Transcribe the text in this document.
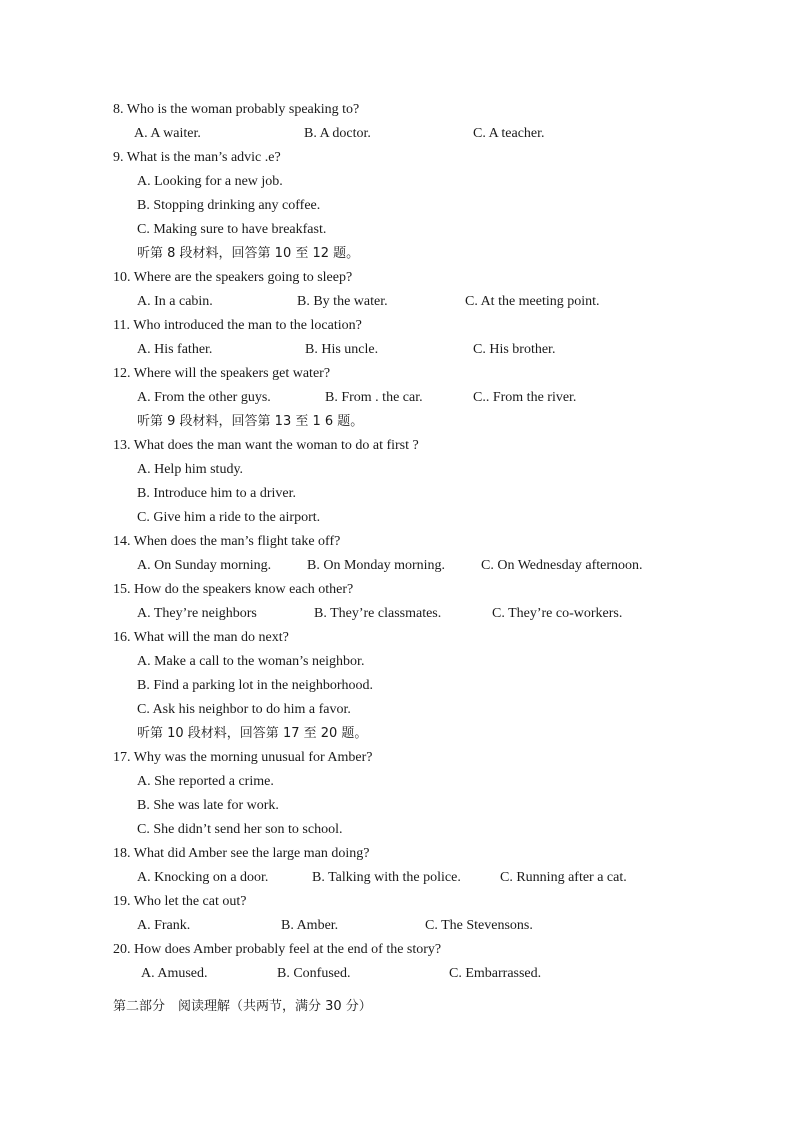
8. Who is the woman probably speaking to?
A. A waiter.	B. A doctor.	C. A teacher.
9. What is the man’s advic .e?
A. Looking for a new job.
B. Stopping drinking any coffee.
C. Making sure to have breakfast.
听第 8 段材料，回答第 10 至 12 题。
10. Where are the speakers going to sleep?
A. In a cabin.	B. By the water.	C. At the meeting point.
11. Who introduced the man to the location?
A. His father.	B. His uncle.	C. His brother.
12. Where will the speakers get water?
A. From the other guys.	B. From . the car.	C.. From the river.
听第 9 段材料，回答第 13 至 1 6 题。
13. What does the man want the woman to do at first ?
A. Help him study.
B. Introduce him to a driver.
C. Give him a ride to the airport.
14. When does the man’s flight take off?
A. On Sunday morning.	B. On Monday morning.	C. On Wednesday afternoon.
15. How do the speakers know each other?
A. They’re neighbors	B. They’re classmates.	C. They’re co-workers.
16. What will the man do next?
A. Make a call to the woman’s neighbor.
B. Find a parking lot in the neighborhood.
C. Ask his neighbor to do him a favor.
听第 10 段材料，回答第 17 至 20 题。
17. Why was the morning unusual for Amber?
A. She reported a crime.
B. She was late for work.
C. She didn’t send her son to school.
18. What did Amber see the large man doing?
A. Knocking on a door.	B. Talking with the police.	C. Running after a cat.
19. Who let the cat out?
A. Frank.	B. Amber.	C. The Stevensons.
20. How does Amber probably feel at the end of the story?
A. Amused.	B. Confused.	C. Embarrassed.
第二部分　阅读理解（共两节，满分 30 分）
